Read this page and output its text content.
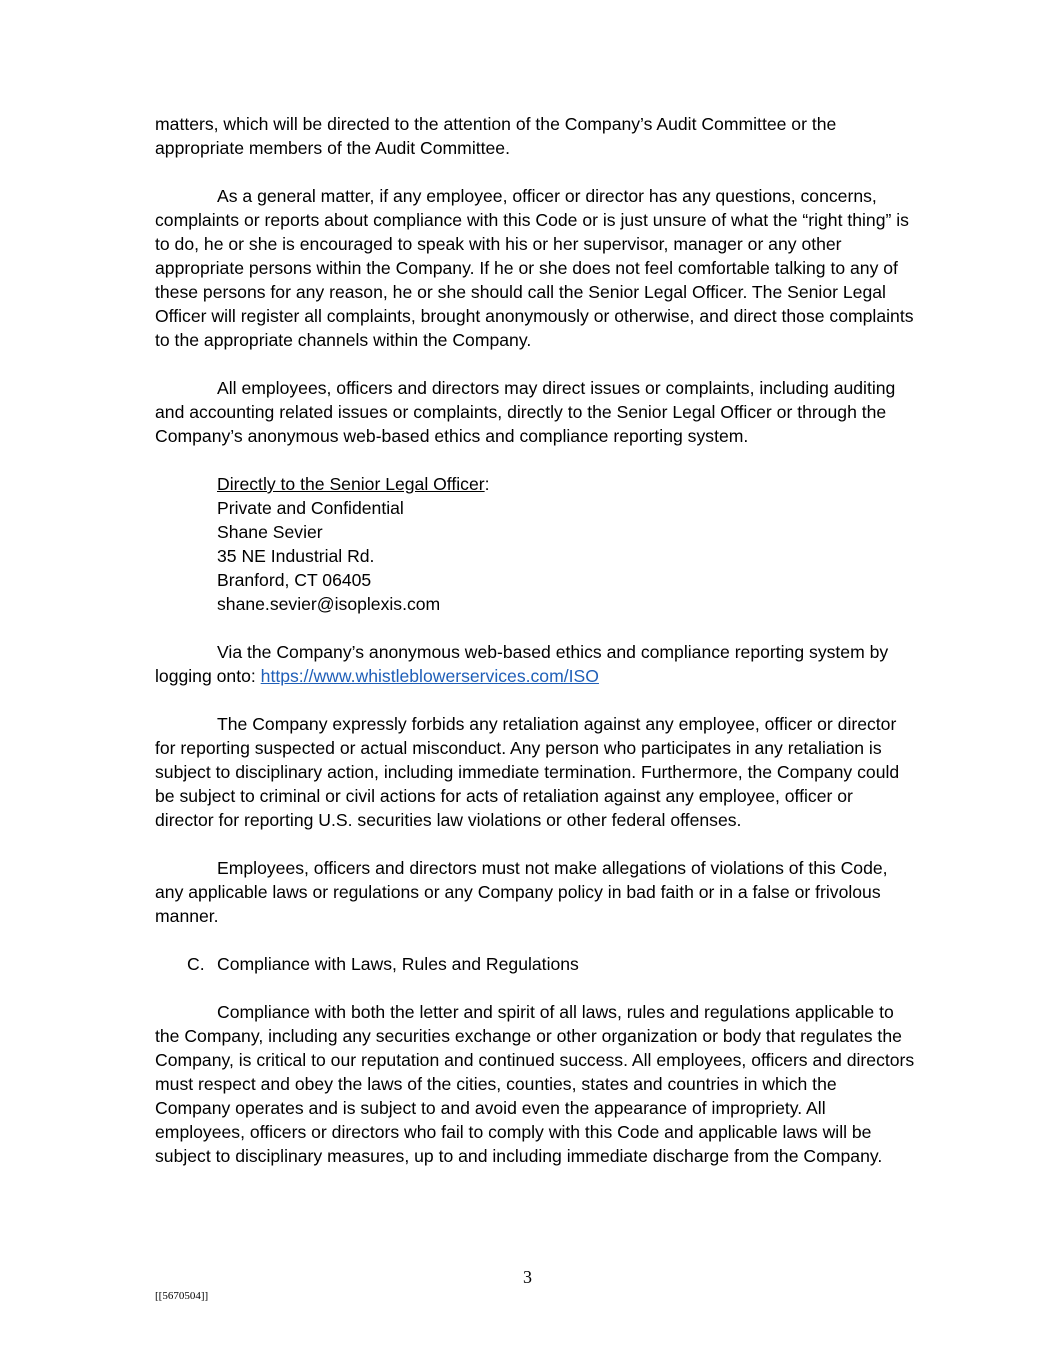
matters, which will be directed to the attention of the Company’s Audit Committee or the appropriate members of the Audit Committee.

As a general matter, if any employee, officer or director has any questions, concerns, complaints or reports about compliance with this Code or is just unsure of what the “right thing” is to do, he or she is encouraged to speak with his or her supervisor, manager or any other appropriate persons within the Company. If he or she does not feel comfortable talking to any of these persons for any reason, he or she should call the Senior Legal Officer. The Senior Legal Officer will register all complaints, brought anonymously or otherwise, and direct those complaints to the appropriate channels within the Company.

All employees, officers and directors may direct issues or complaints, including auditing and accounting related issues or complaints, directly to the Senior Legal Officer or through the Company’s anonymous web-based ethics and compliance reporting system.

Directly to the Senior Legal Officer:
Private and Confidential
Shane Sevier
35 NE Industrial Rd.
Branford, CT 06405
shane.sevier@isoplexis.com

Via the Company’s anonymous web-based ethics and compliance reporting system by logging onto: https://www.whistleblowerservices.com/ISO

The Company expressly forbids any retaliation against any employee, officer or director for reporting suspected or actual misconduct. Any person who participates in any retaliation is subject to disciplinary action, including immediate termination. Furthermore, the Company could be subject to criminal or civil actions for acts of retaliation against any employee, officer or director for reporting U.S. securities law violations or other federal offenses.

Employees, officers and directors must not make allegations of violations of this Code, any applicable laws or regulations or any Company policy in bad faith or in a false or frivolous manner.

C. Compliance with Laws, Rules and Regulations

Compliance with both the letter and spirit of all laws, rules and regulations applicable to the Company, including any securities exchange or other organization or body that regulates the Company, is critical to our reputation and continued success. All employees, officers and directors must respect and obey the laws of the cities, counties, states and countries in which the Company operates and is subject to and avoid even the appearance of impropriety. All employees, officers or directors who fail to comply with this Code and applicable laws will be subject to disciplinary measures, up to and including immediate discharge from the Company.

3
[[5670504]]
